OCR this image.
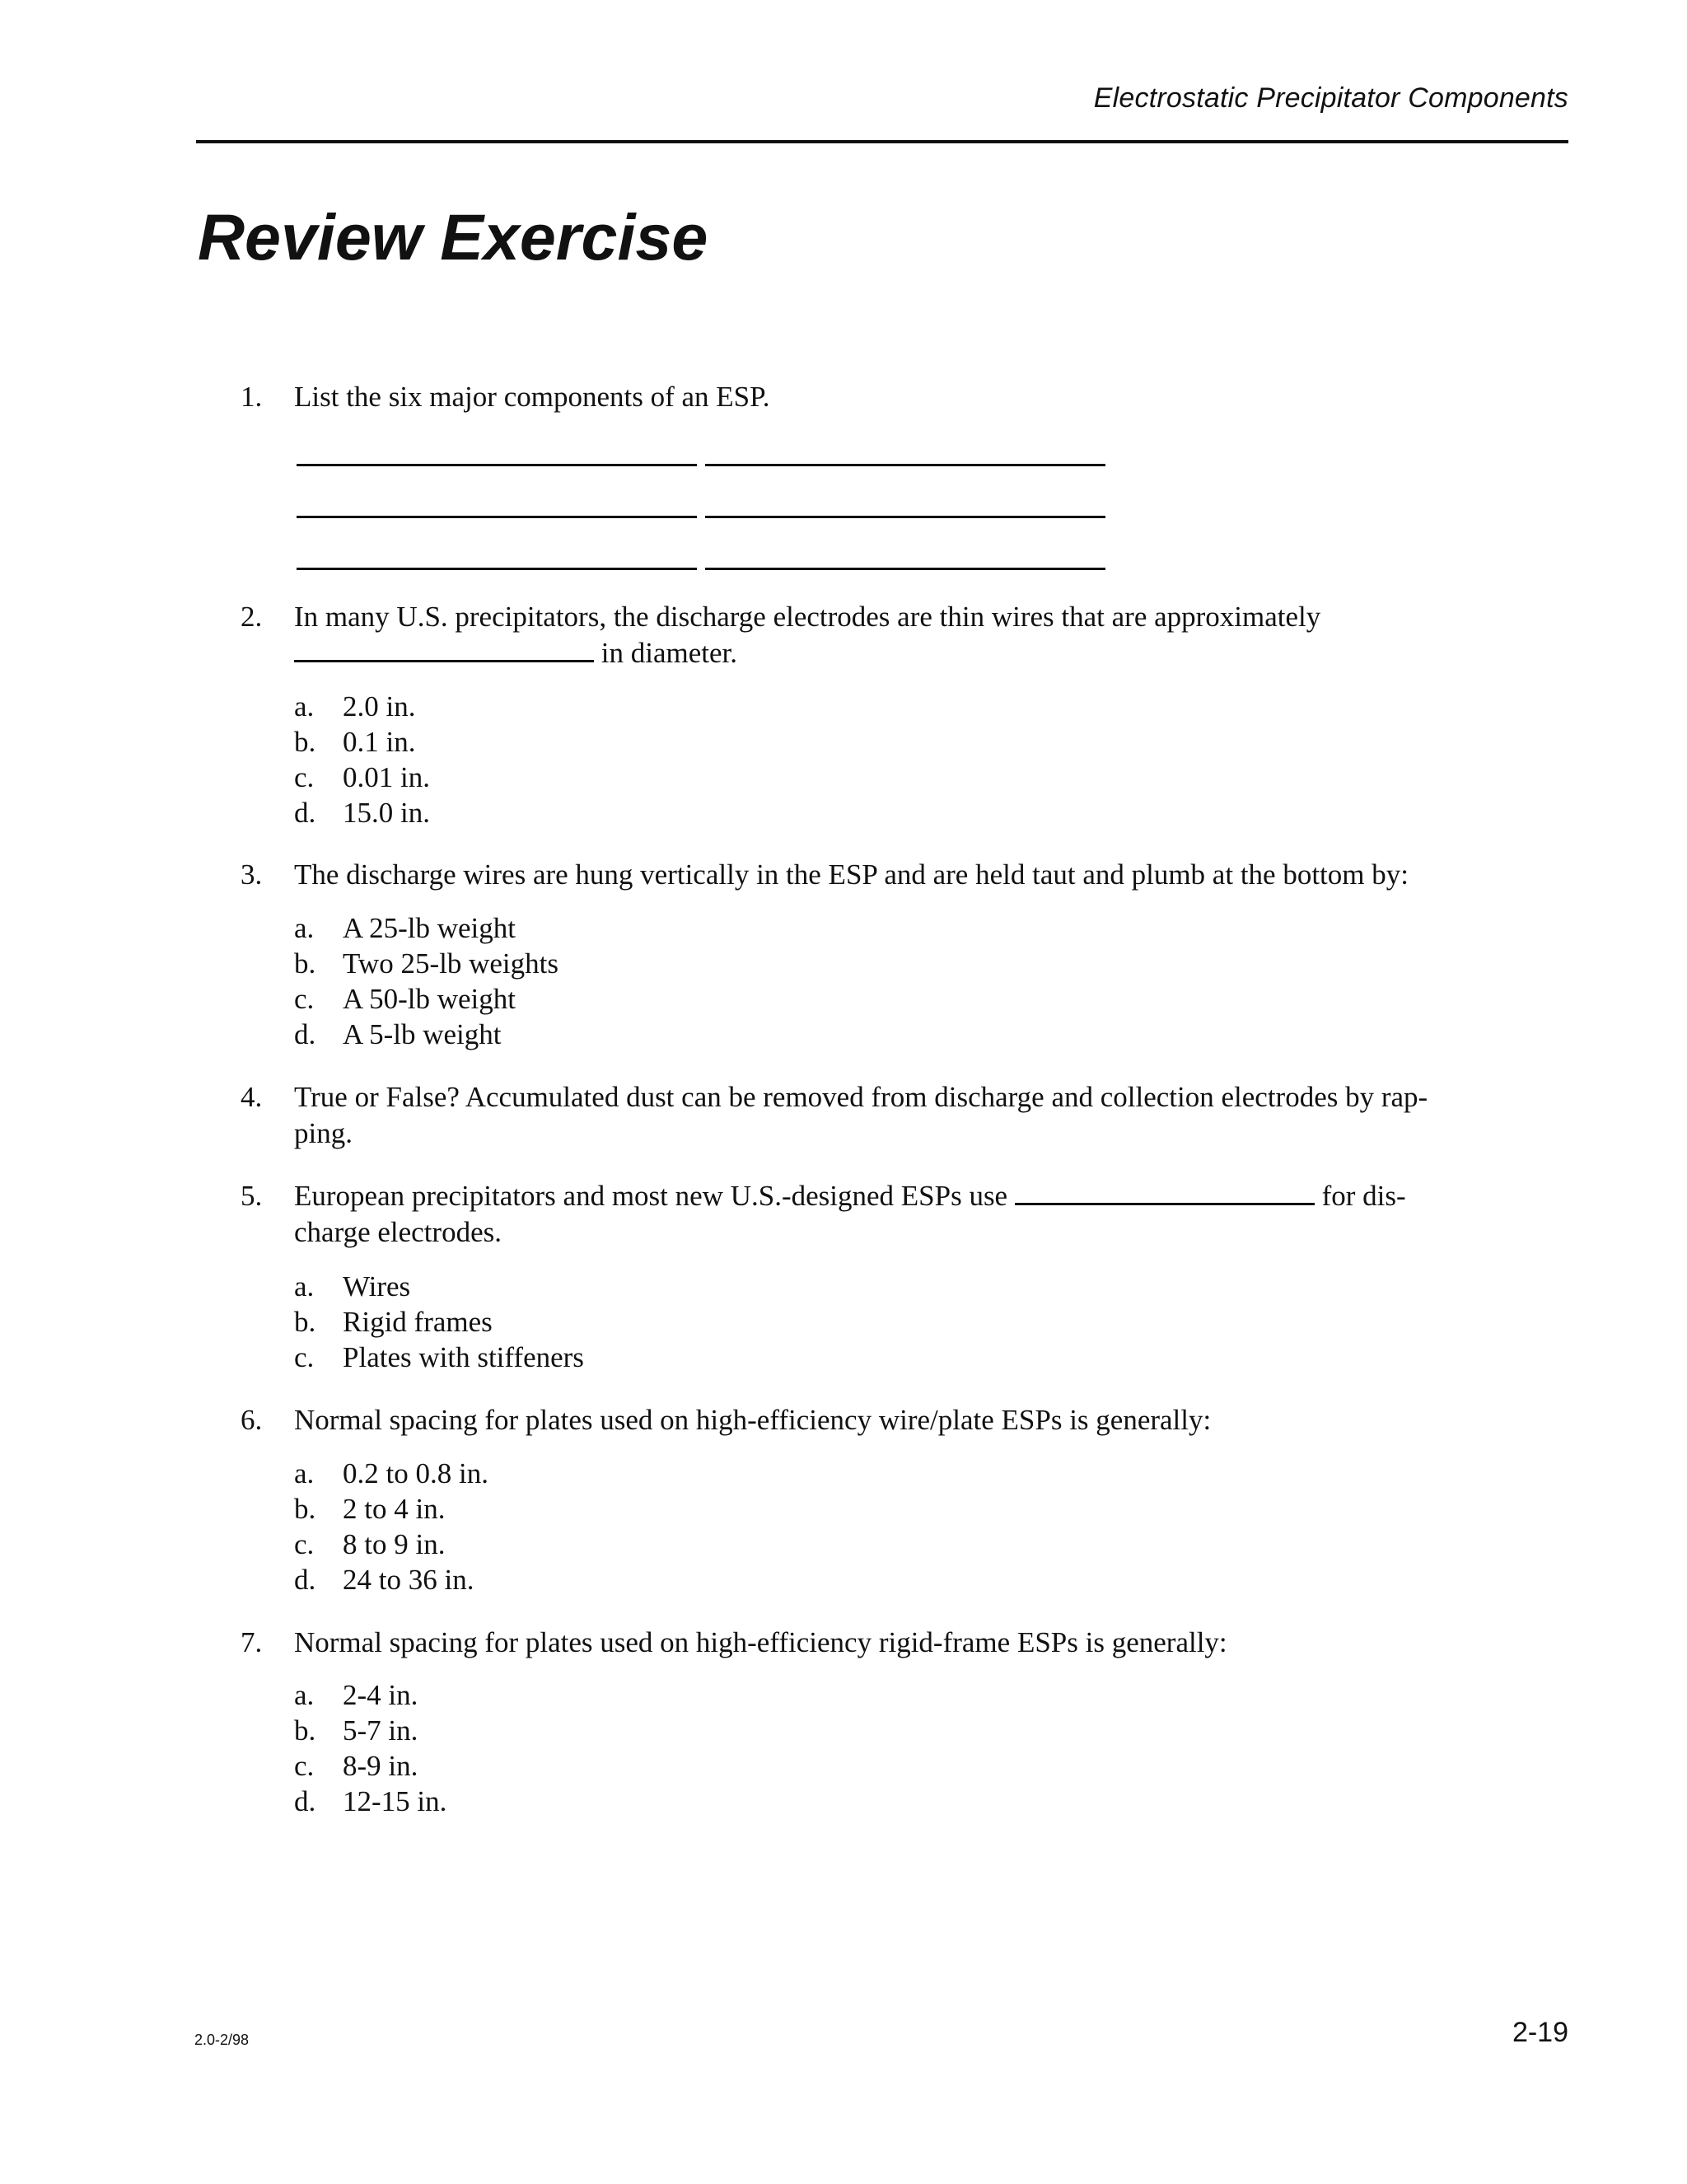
Electrostatic Precipitator Components
Review Exercise
1.	List the six major components of an ESP.
2.	In many U.S. precipitators, the discharge electrodes are thin wires that are approximately
in diameter.
a. 2.0 in.
b. 0.1 in.
c. 0.01 in.
d. 15.0 in.
3.	The discharge wires are hung vertically in the ESP and are held taut and plumb at the bottom by:
a. A 25-lb weight
b. Two 25-lb weights
c. A 50-lb weight
d. A 5-lb weight
4.	True or False? Accumulated dust can be removed from discharge and collection electrodes by rap-
ping.
5.	European precipitators and most new U.S.-designed ESPs use	for dis-
charge electrodes.
a. Wires
b. Rigid frames
c. Plates with stiffeners
6.	Normal spacing for plates used on high-efficiency wire/plate ESPs is generally:
a. 0.2 to 0.8 in.
b. 2 to 4 in.
c. 8 to 9 in.
d. 24 to 36 in.
7.	Normal spacing for plates used on high-efficiency rigid-frame ESPs is generally:
a. 2-4 in.
b. 5-7 in.
c. 8-9 in.
d. 12-15 in.
2.0-2/98	2-19
